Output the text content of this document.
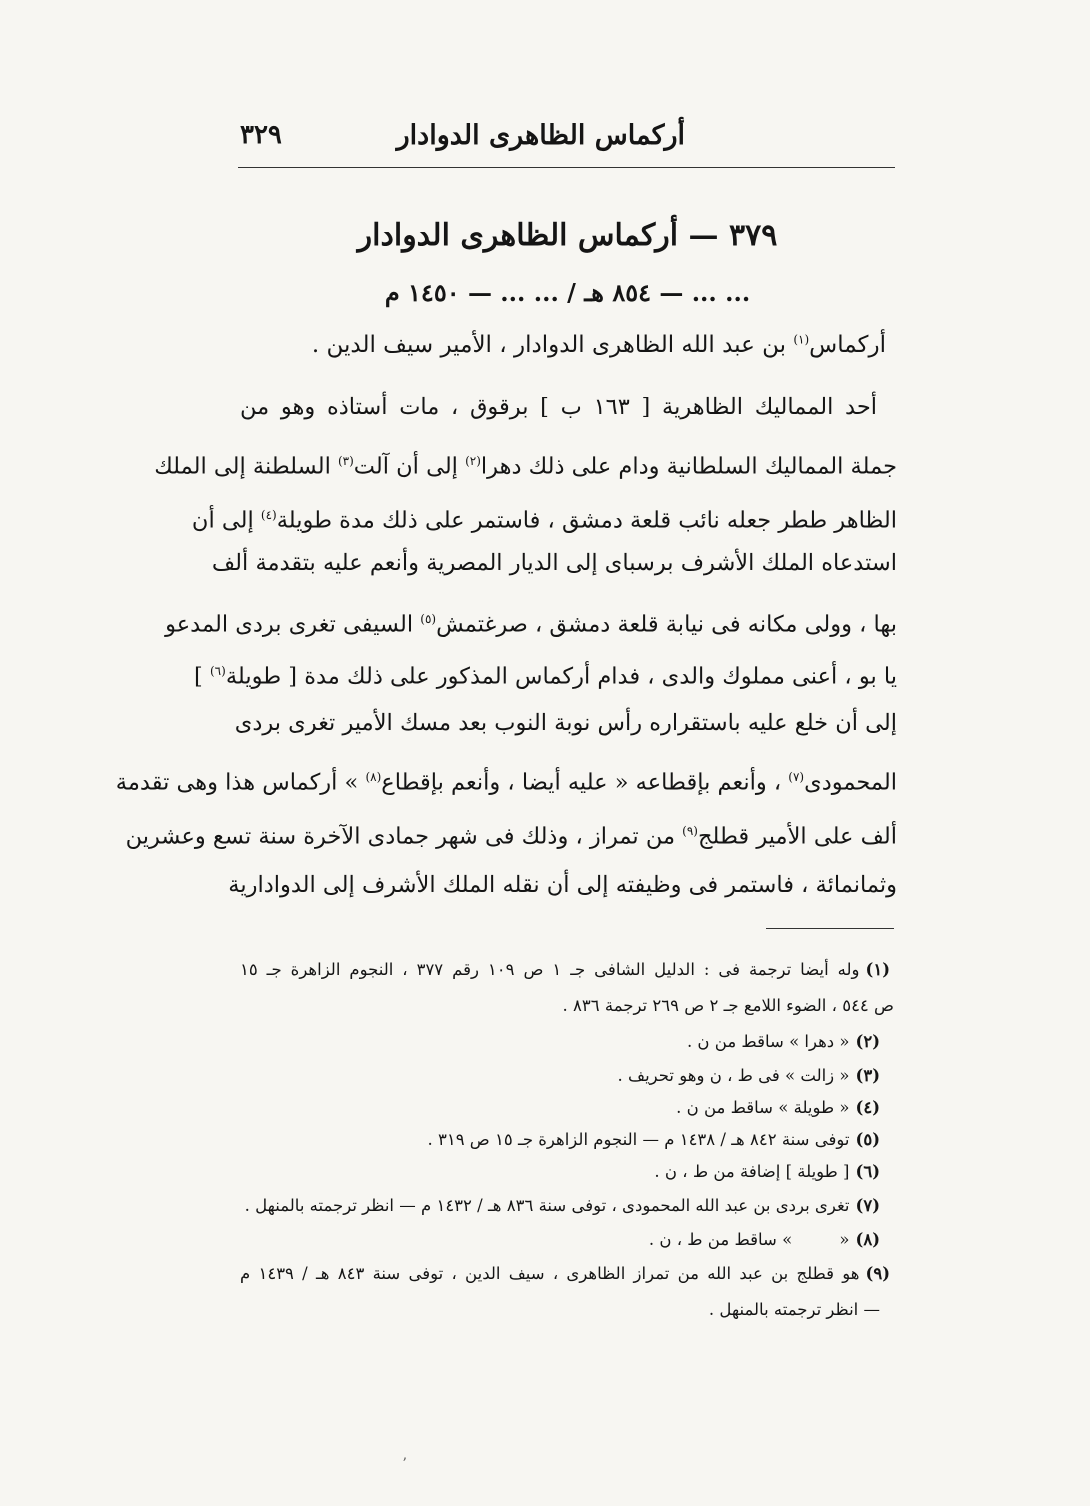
أركماس الظاهرى الدوادار
٣٢٩
٣٧٩ — أركماس الظاهرى الدوادار
... ... — ٨٥٤ هـ / ... ... — ١٤٥٠ م
أركماس$^{(١)}$ بن عبد الله الظاهرى الدوادار ، الأمير سيف الدين .
أحد المماليك الظاهرية [ ١٦٣ ب ] برقوق ، مات أستاذه وهو من
جملة المماليك السلطانية ودام على ذلك دهرا$^{(٢)}$ إلى أن آلت$^{(٣)}$ السلطنة إلى الملك
الظاهر ططر جعله نائب قلعة دمشق ، فاستمر على ذلك مدة طويلة$^{(٤)}$ إلى أن
استدعاه الملك الأشرف برسباى إلى الديار المصرية وأنعم عليه بتقدمة ألف
بها ، وولى مكانه فى نيابة قلعة دمشق ، صرغتمش$^{(٥)}$ السيفى تغرى بردى المدعو
يا بو ، أعنى مملوك والدى ، فدام أركماس المذكور على ذلك مدة [ طويلة$^{(٦)}$ ]
إلى أن خلع عليه باستقراره رأس نوبة النوب بعد مسك الأمير تغرى بردى
المحمودى$^{(٧)}$ ، وأنعم بإقطاعه « عليه أيضا ، وأنعم بإقطاع$^{(٨)}$ » أركماس هذا وهى تقدمة
ألف على الأمير قطلج$^{(٩)}$ من تمراز ، وذلك فى شهر جمادى الآخرة سنة تسع وعشرين
وثمانمائة ، فاستمر فى وظيفته إلى أن نقله الملك الأشرف إلى الدوادارية
(١)وله أيضا ترجمة فى : الدليل الشافى جـ ١ ص ١٠٩ رقم ٣٧٧ ، النجوم الزاهرة جـ ١٥
ص ٥٤٤ ، الضوء اللامع جـ ٢ ص ٢٦٩ ترجمة ٨٣٦ .
(٢)« دهرا » ساقط من ن .
(٣)« زالت » فى ط ، ن وهو تحريف .
(٤)« طويلة » ساقط من ن .
(٥)توفى سنة ٨٤٢ هـ / ١٤٣٨ م — النجوم الزاهرة جـ ١٥ ص ٣١٩ .
(٦)[ طويلة ] إضافة من ط ، ن .
(٧)تغرى بردى بن عبد الله المحمودى ، توفى سنة ٨٣٦ هـ / ١٤٣٢ م — انظر ترجمته بالمنهل .
(٨)«         » ساقط من ط ، ن .
(٩)هو قطلج بن عبد الله من تمراز الظاهرى ، سيف الدين ، توفى سنة ٨٤٣ هـ / ١٤٣٩ م
— انظر ترجمته بالمنهل .
ʼ
